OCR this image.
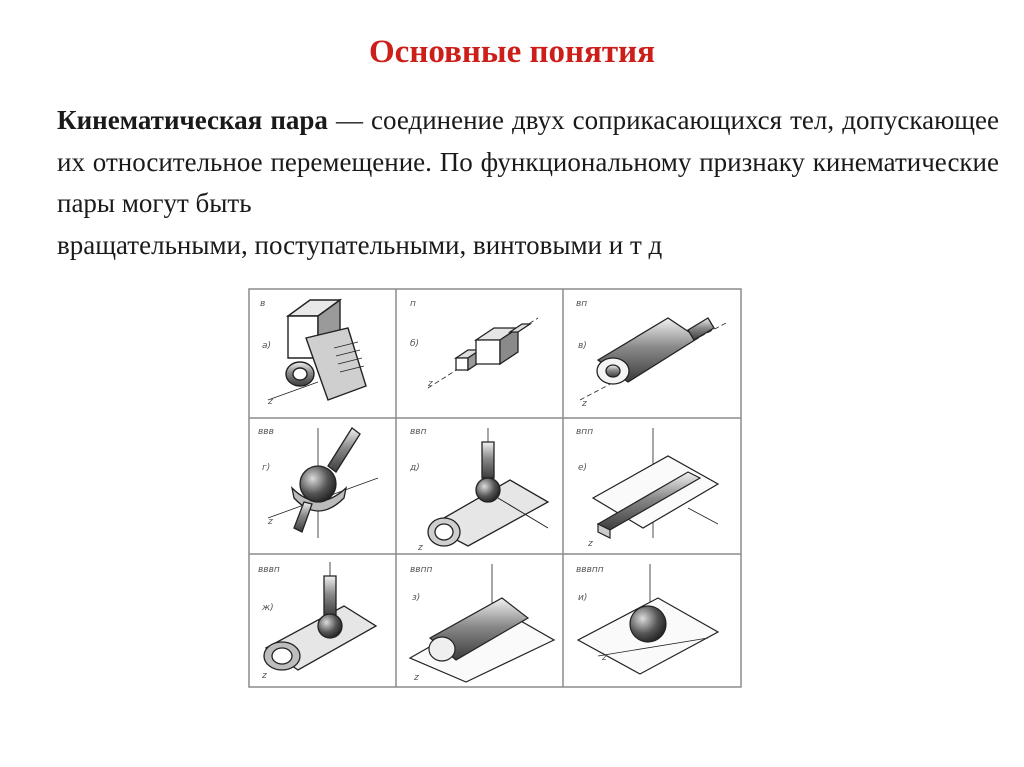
Основные понятия

Кинематическая пара — соединение двух соприкасающихся тел, допускающее их относительное перемещение. По функциональному признаку кинематические пары могут быть
вращательными, поступательными, винтовыми и т д

в
а)
п
б)
вп
в)
ввв
г)
ввп
д)
впп
е)
вввп
ж)
ввпп
з)
вввпп
и)
z
z
z
z
z	z
z	z
z
